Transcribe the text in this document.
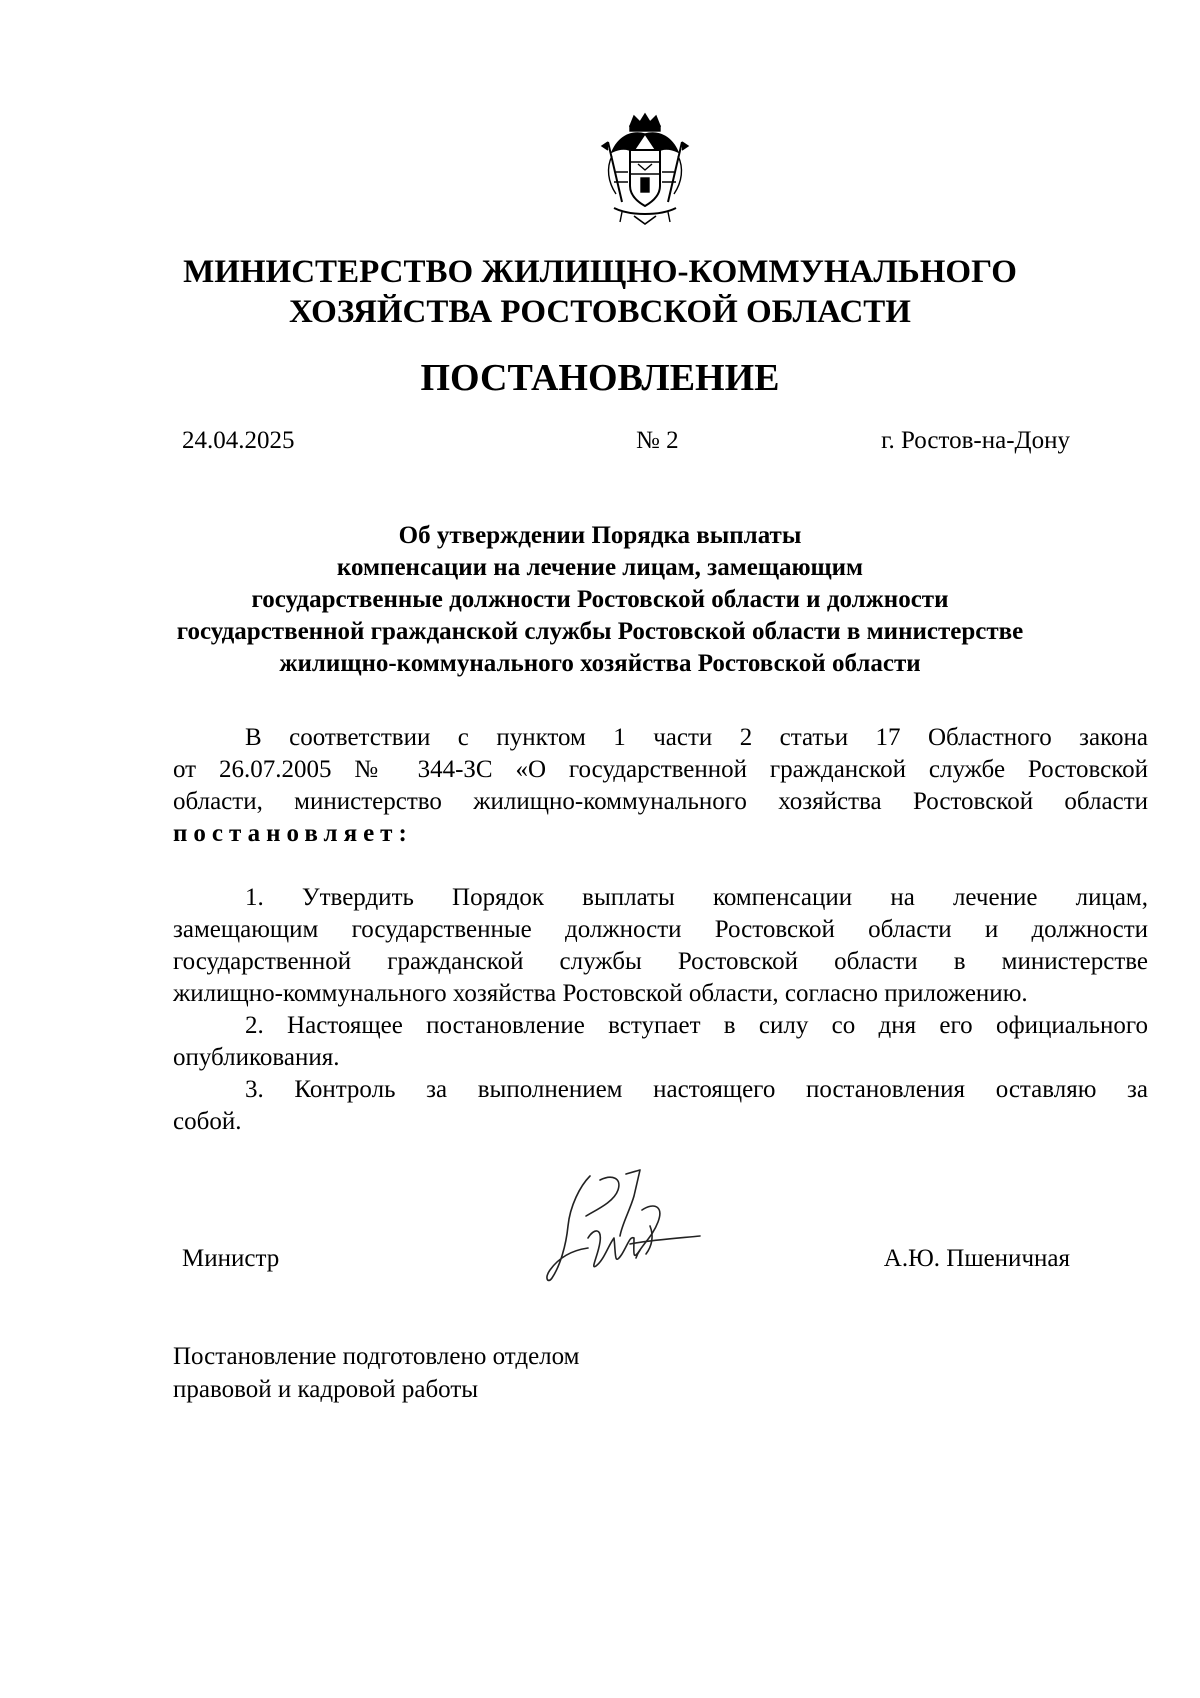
МИНИСТЕРСТВО ЖИЛИЩНО-КОММУНАЛЬНОГО
ХОЗЯЙСТВА РОСТОВСКОЙ ОБЛАСТИ
ПОСТАНОВЛЕНИЕ
24.04.2025	№ 2	г. Ростов-на-Дону
Об утверждении Порядка выплаты
компенсации на лечение лицам, замещающим
государственные должности Ростовской области и должности
государственной гражданской службы Ростовской области в министерстве
жилищно-коммунального хозяйства Ростовской области
В соответствии с пунктом 1 части 2 статьи 17 Областного закона
от 26.07.2005 № 344-ЗС «О государственной гражданской службе Ростовской
области, министерство жилищно-коммунального хозяйства Ростовской области
постановляет:
1. Утвердить Порядок выплаты компенсации на лечение лицам,
замещающим государственные должности Ростовской области и должности
государственной гражданской службы Ростовской области в министерстве
жилищно-коммунального хозяйства Ростовской области, согласно приложению.
2. Настоящее постановление вступает в силу со дня его официального
опубликования.
3. Контроль за выполнением настоящего постановления оставляю за
собой.
Министр	А.Ю. Пшеничная
Постановление подготовлено отделом
правовой и кадровой работы
